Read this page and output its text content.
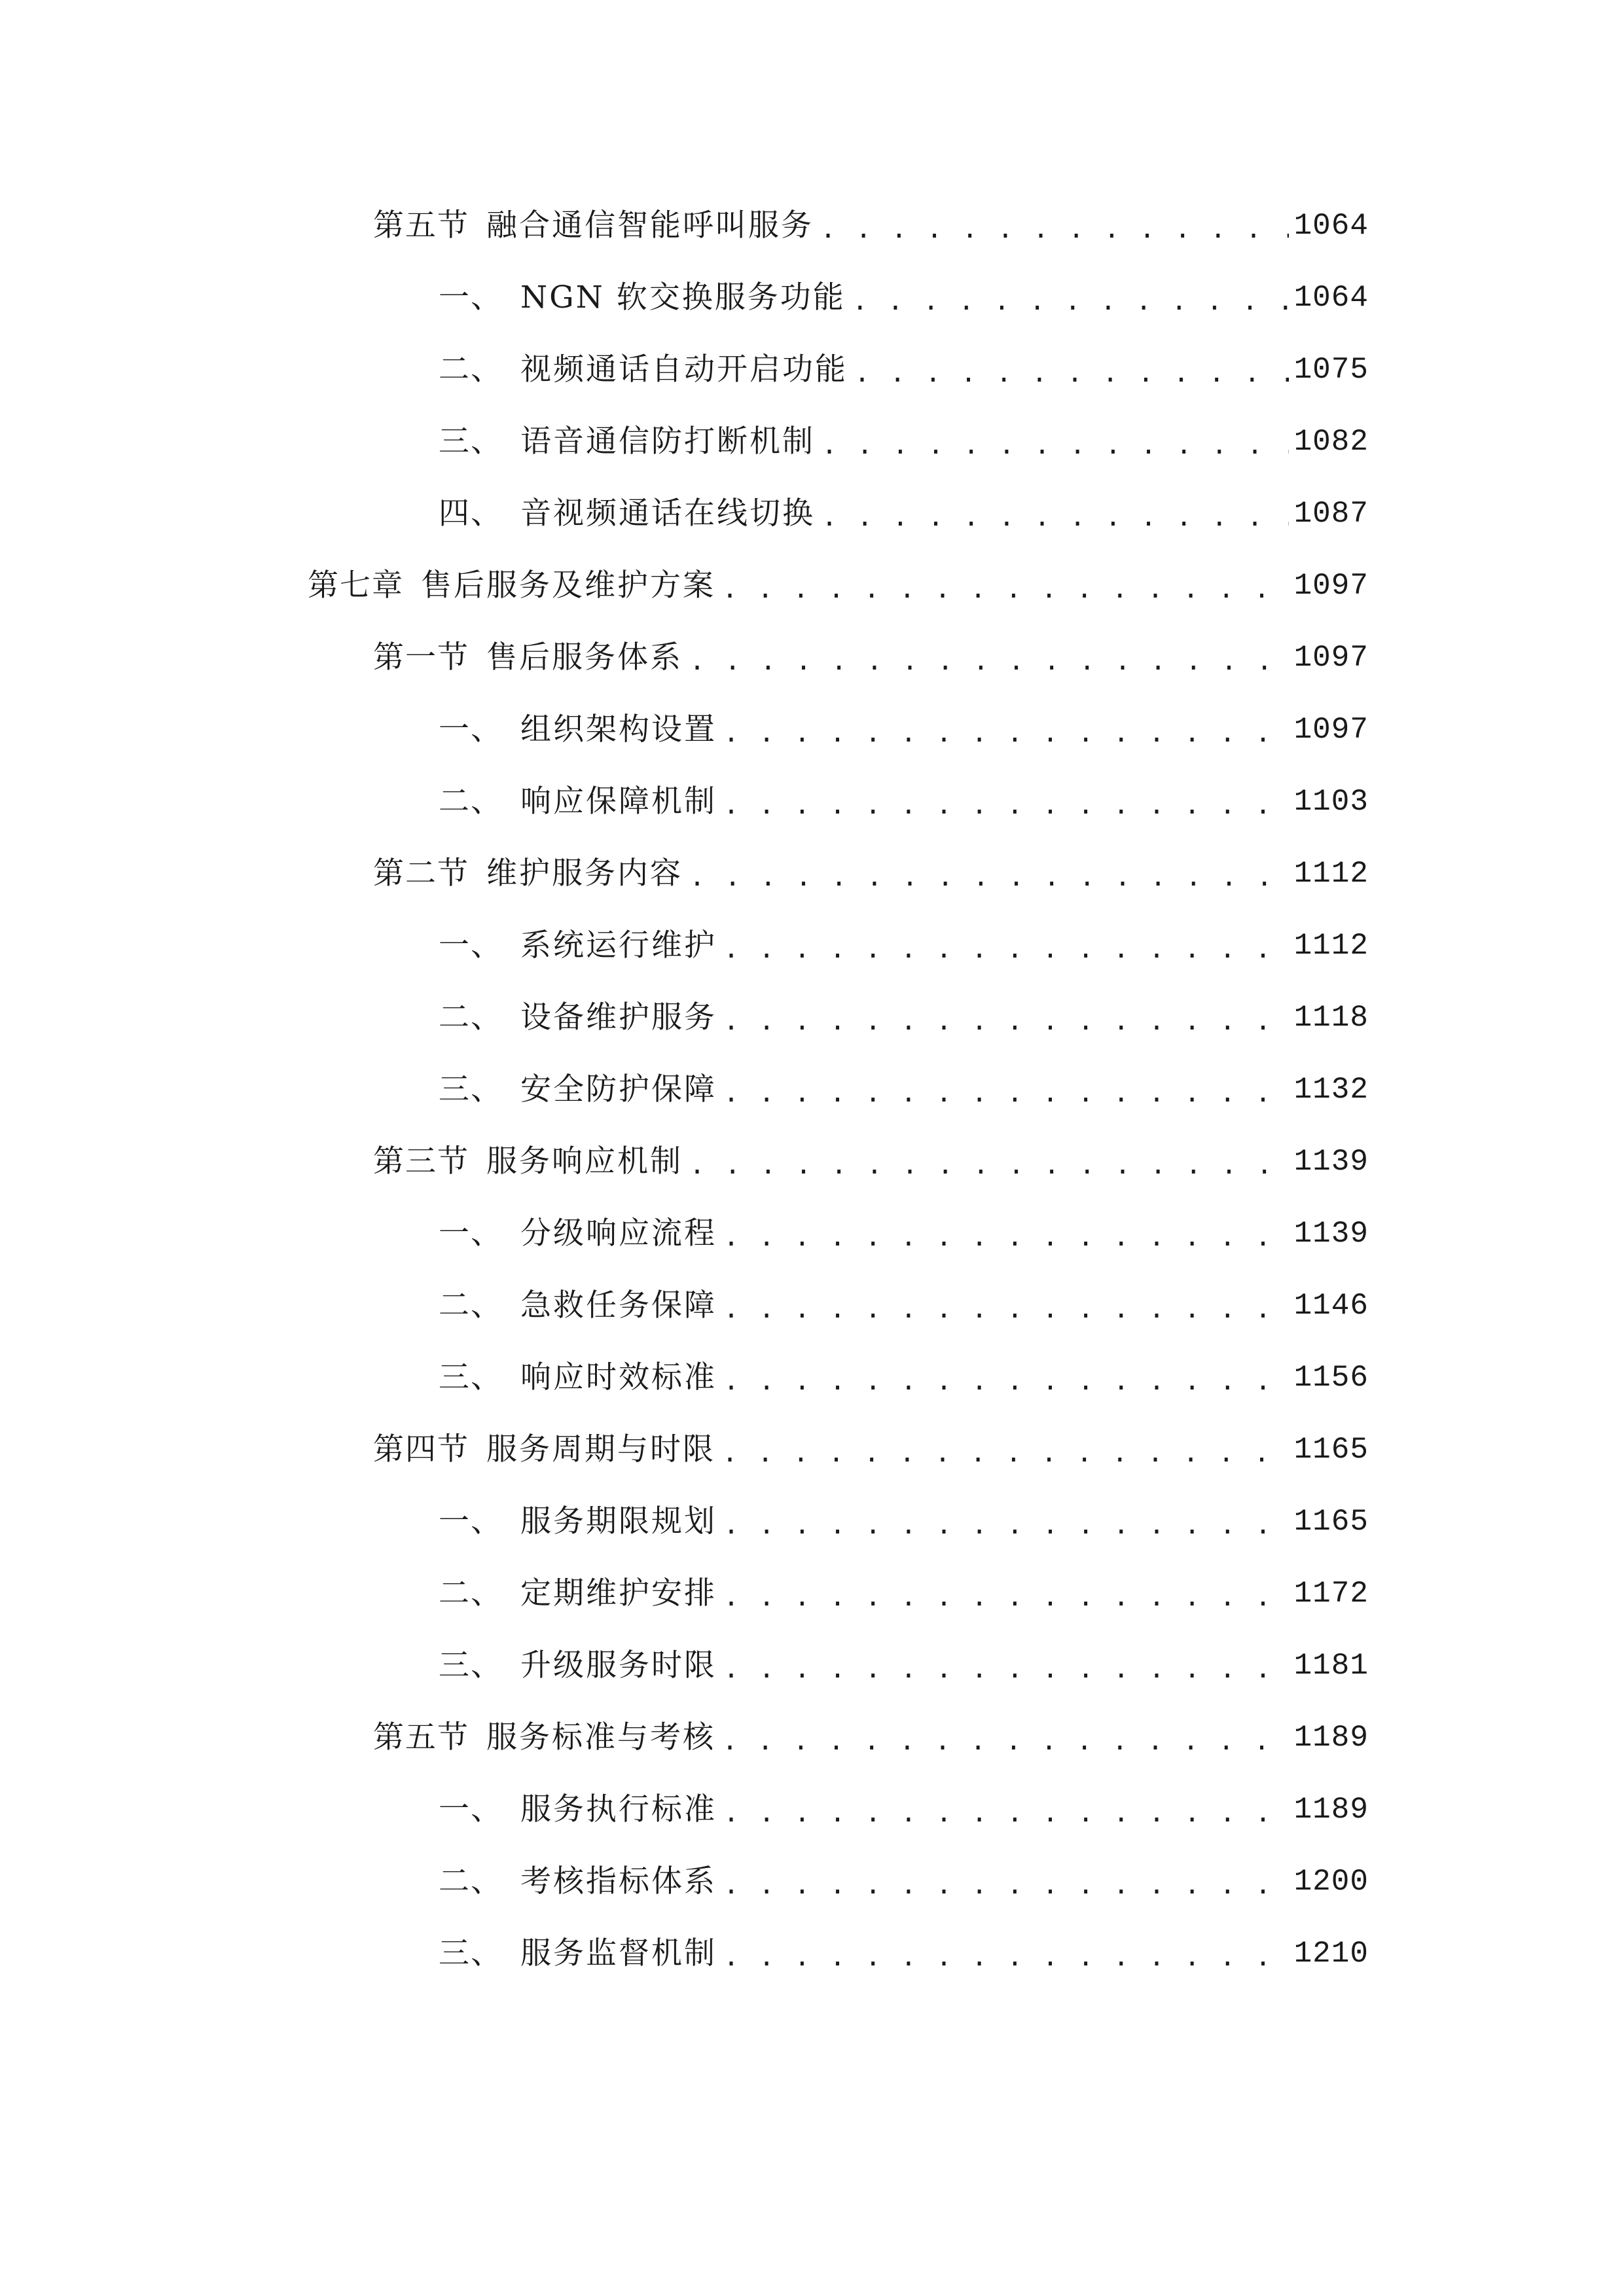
第五节 融合通信智能呼叫服务 . . .	1064
一、 NGN 软交换服务功能 . . .	1064
二、 视频通话自动开启功能 . . .	1075
三、 语音通信防打断机制 . . .	1082
四、 音视频通话在线切换 . . .	1087
第七章 售后服务及维护方案 . . .	1097
第一节 售后服务体系 . . .	1097
一、 组织架构设置 . . .	1097
二、 响应保障机制 . . .	1103
第二节 维护服务内容 . . .	1112
一、 系统运行维护 . . .	1112
二、 设备维护服务 . . .	1118
三、 安全防护保障 . . .	1132
第三节 服务响应机制 . . .	1139
一、 分级响应流程 . . .	1139
二、 急救任务保障 . . .	1146
三、 响应时效标准 . . .	1156
第四节 服务周期与时限 . . .	1165
一、 服务期限规划 . . .	1165
二、 定期维护安排 . . .	1172
三、 升级服务时限 . . .	1181
第五节 服务标准与考核 . . .	1189
一、 服务执行标准 . . .	1189
二、 考核指标体系 . . .	1200
三、 服务监督机制 . . .	1210
